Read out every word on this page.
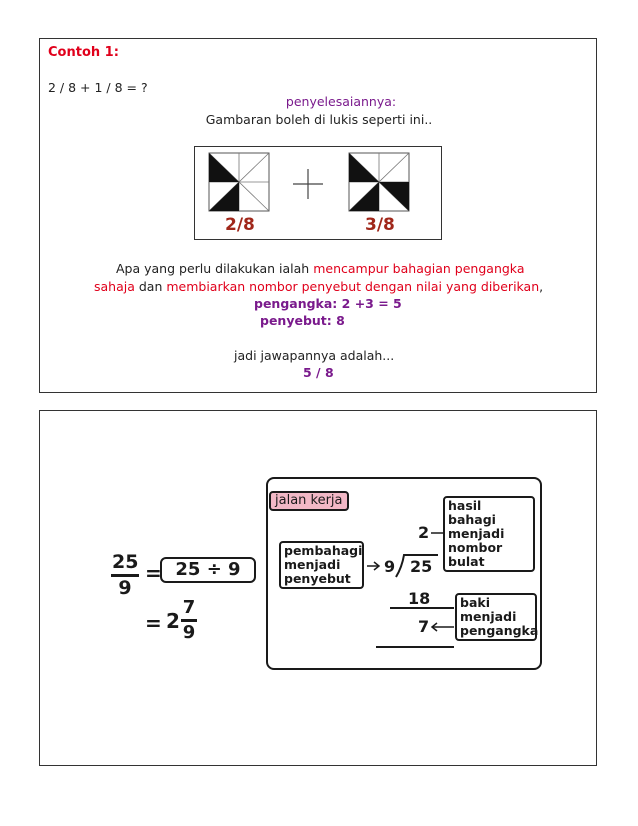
Contoh 1:
2 / 8 + 1 / 8 = ?
penyelesaiannya:
Gambaran boleh di lukis seperti ini..
2/8	3/8
Apa yang perlu dilakukan ialah mencampur bahagian pengangka
sahaja dan membiarkan nombor penyebut dengan nilai yang diberikan,
pengangka: 2 +3 = 5
penyebut: 8
jadi jawapannya adalah...
5 / 8
25
9
= 25 ÷ 9
= 2
7
9
jalan kerja
pembahagi
menjadi
penyebut
hasil bahagi
menjadi
nombor
bulat
baki
menjadi
pengangka
2
9 25
18
7
